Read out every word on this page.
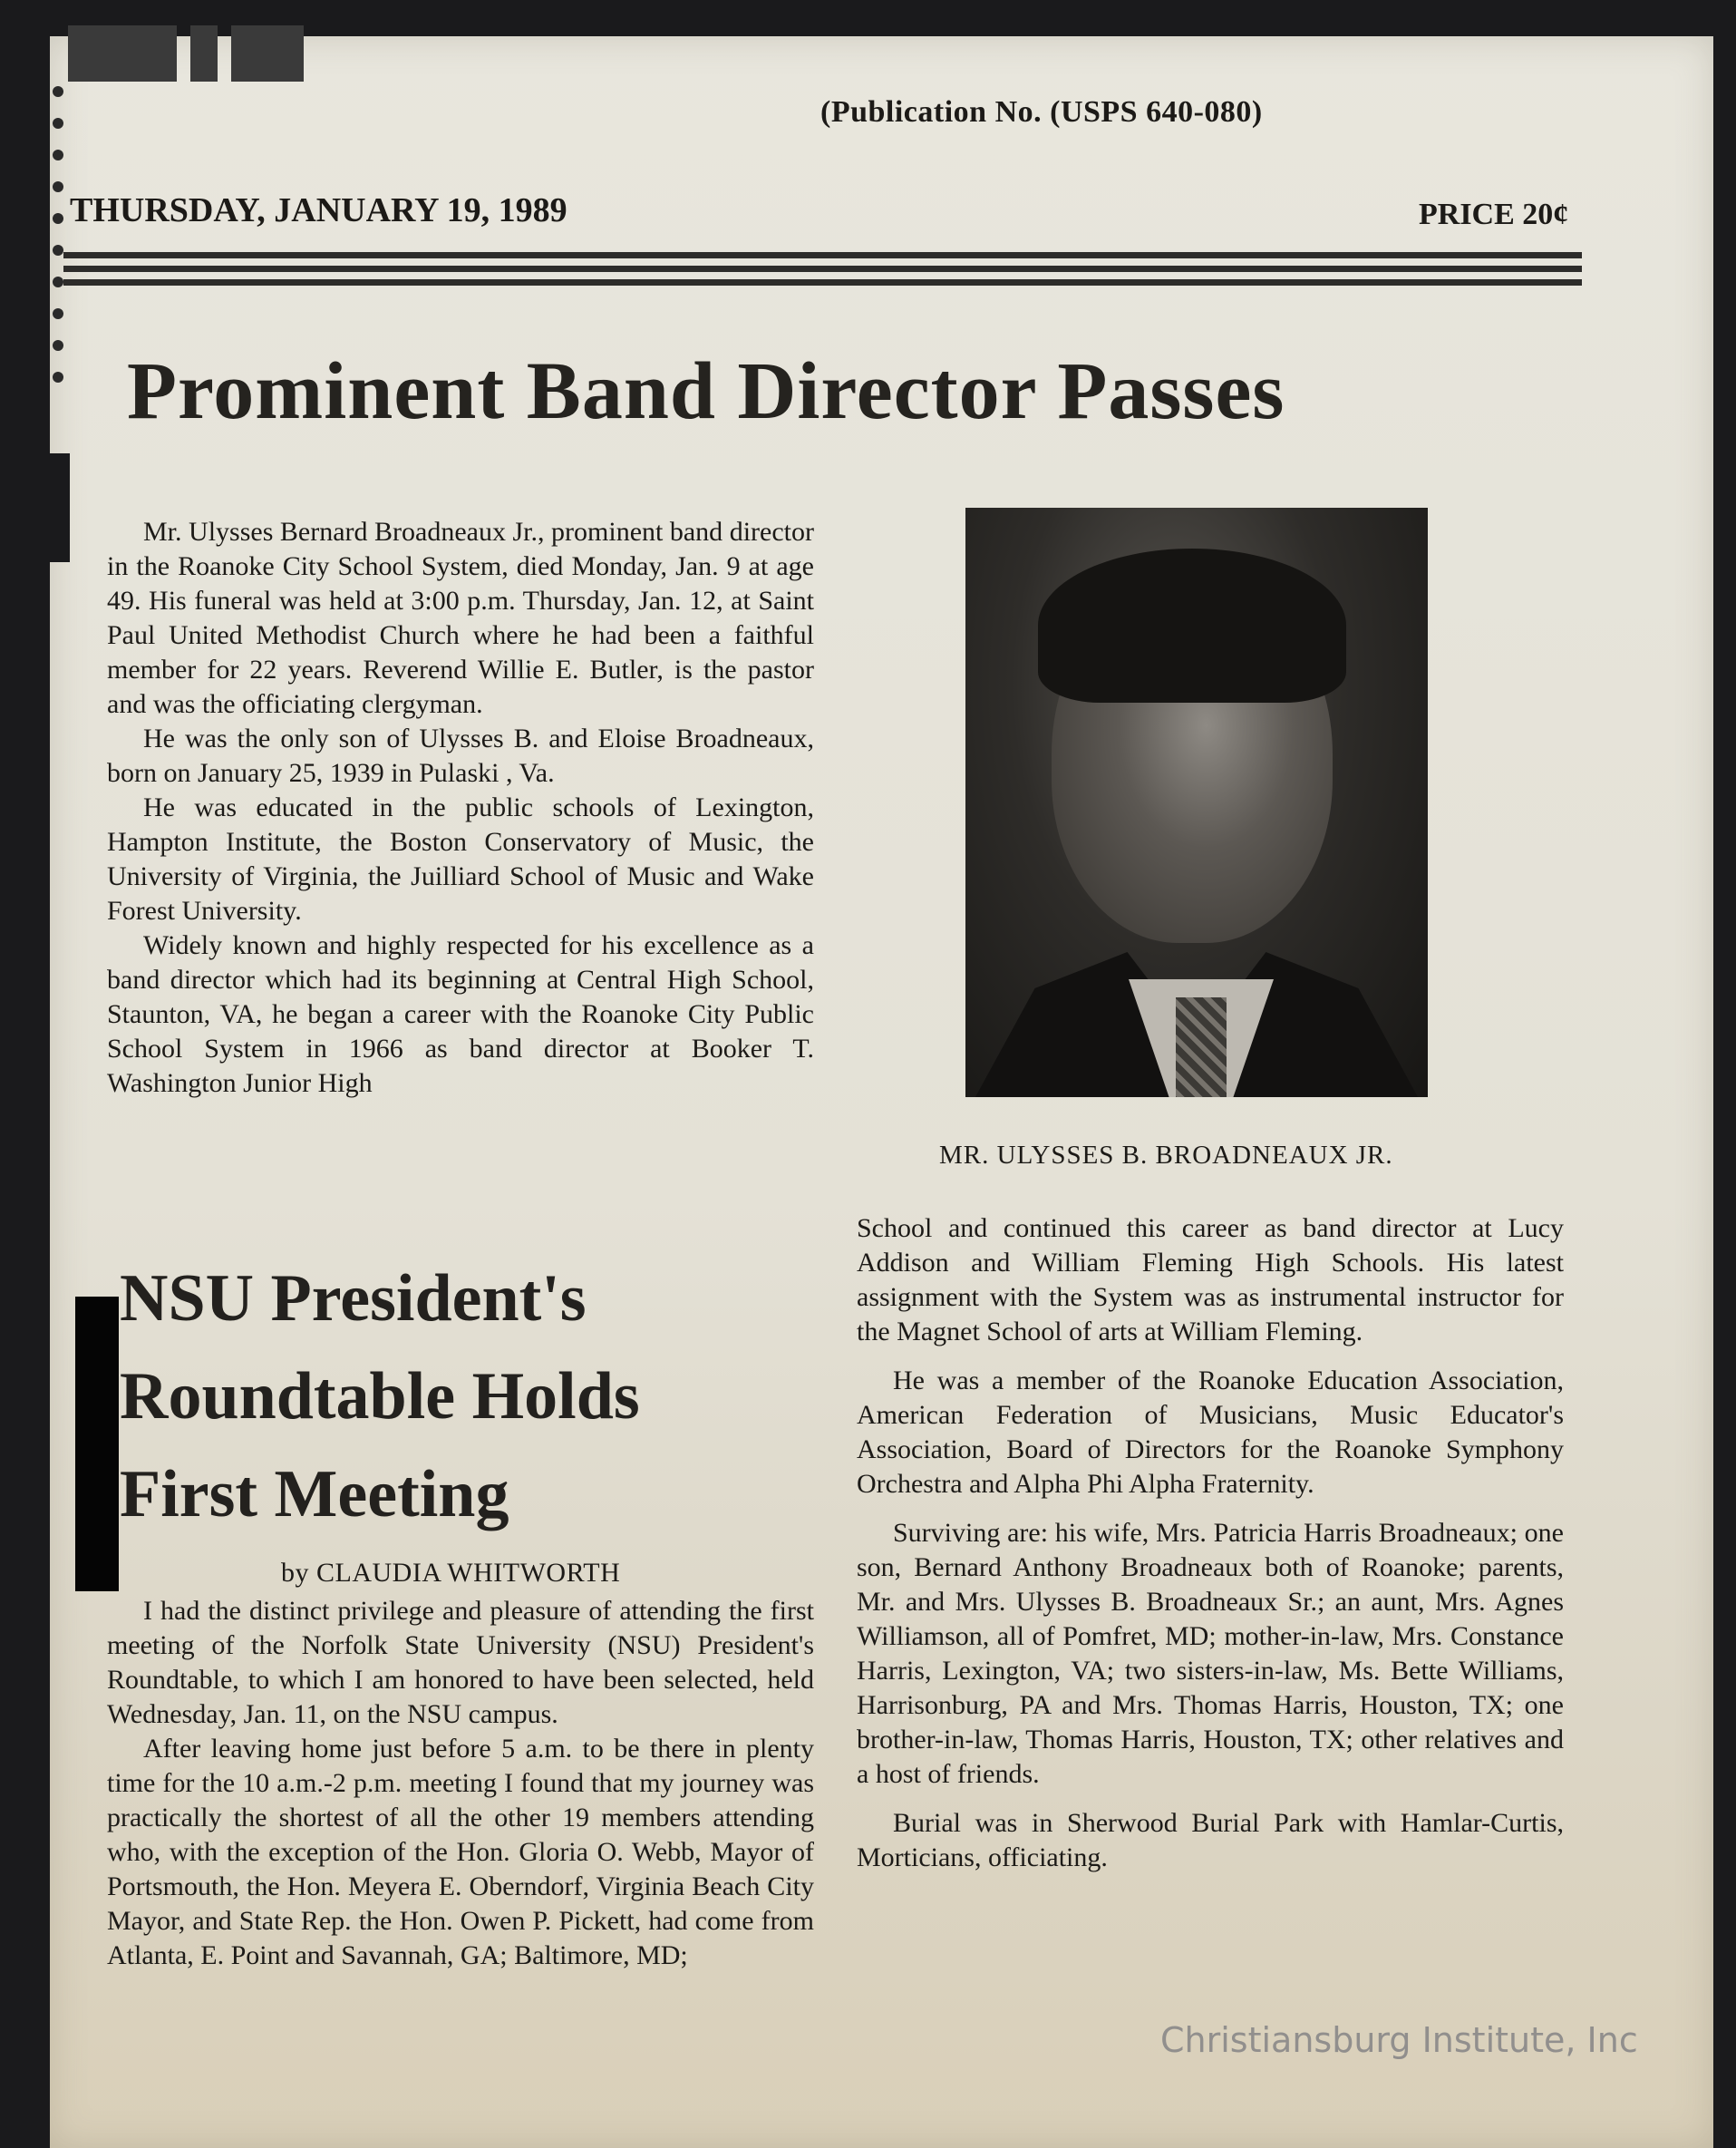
(Publication No. (USPS 640-080)
THURSDAY, JANUARY 19, 1989	PRICE 20¢
Prominent Band Director Passes

Mr. Ulysses Bernard Broadneaux Jr., prominent band director in the Roanoke City School System, died Monday, Jan. 9 at age 49. His funeral was held at 3:00 p.m. Thursday, Jan. 12, at Saint Paul United Methodist Church where he had been a faithful member for 22 years. Reverend Willie E. Butler, is the pastor and was the officiating clergyman.

He was the only son of Ulysses B. and Eloise Broadneaux, born on January 25, 1939 in Pulaski , Va.

He was educated in the public schools of Lexington, Hampton Institute, the Boston Conservatory of Music, the University of Virginia, the Juilliard School of Music and Wake Forest University.

Widely known and highly respected for his excellence as a band director which had its beginning at Central High School, Staunton, VA, he began a career with the Roanoke City Public School System in 1966 as band director at Booker T. Washington Junior High

MR. ULYSSES B. BROADNEAUX JR.

School and continued this career as band director at Lucy Addison and William Fleming High Schools. His latest assignment with the System was as instrumental instructor for the Magnet School of arts at William Fleming.

He was a member of the Roanoke Education Association, American Federation of Musicians, Music Educator's Association, Board of Directors for the Roanoke Symphony Orchestra and Alpha Phi Alpha Fraternity.

Surviving are: his wife, Mrs. Patricia Harris Broadneaux; one son, Bernard Anthony Broadneaux both of Roanoke; parents, Mr. and Mrs. Ulysses B. Broadneaux Sr.; an aunt, Mrs. Agnes Williamson, all of Pomfret, MD; mother-in-law, Mrs. Constance Harris, Lexington, VA; two sisters-in-law, Ms. Bette Williams, Harrisonburg, PA and Mrs. Thomas Harris, Houston, TX; one brother-in-law, Thomas Harris, Houston, TX; other relatives and a host of friends.

Burial was in Sherwood Burial Park with Hamlar-Curtis, Morticians, officiating.

NSU President's
Roundtable Holds
First Meeting
by CLAUDIA WHITWORTH

I had the distinct privilege and pleasure of attending the first meeting of the Norfolk State University (NSU) President's Roundtable, to which I am honored to have been selected, held Wednesday, Jan. 11, on the NSU campus.

After leaving home just before 5 a.m. to be there in plenty time for the 10 a.m.-2 p.m. meeting I found that my journey was practically the shortest of all the other 19 members attending who, with the exception of the Hon. Gloria O. Webb, Mayor of Portsmouth, the Hon. Meyera E. Oberndorf, Virginia Beach City Mayor, and State Rep. the Hon. Owen P. Pickett, had come from Atlanta, E. Point and Savannah, GA; Baltimore, MD;

Christiansburg Institute, Inc
